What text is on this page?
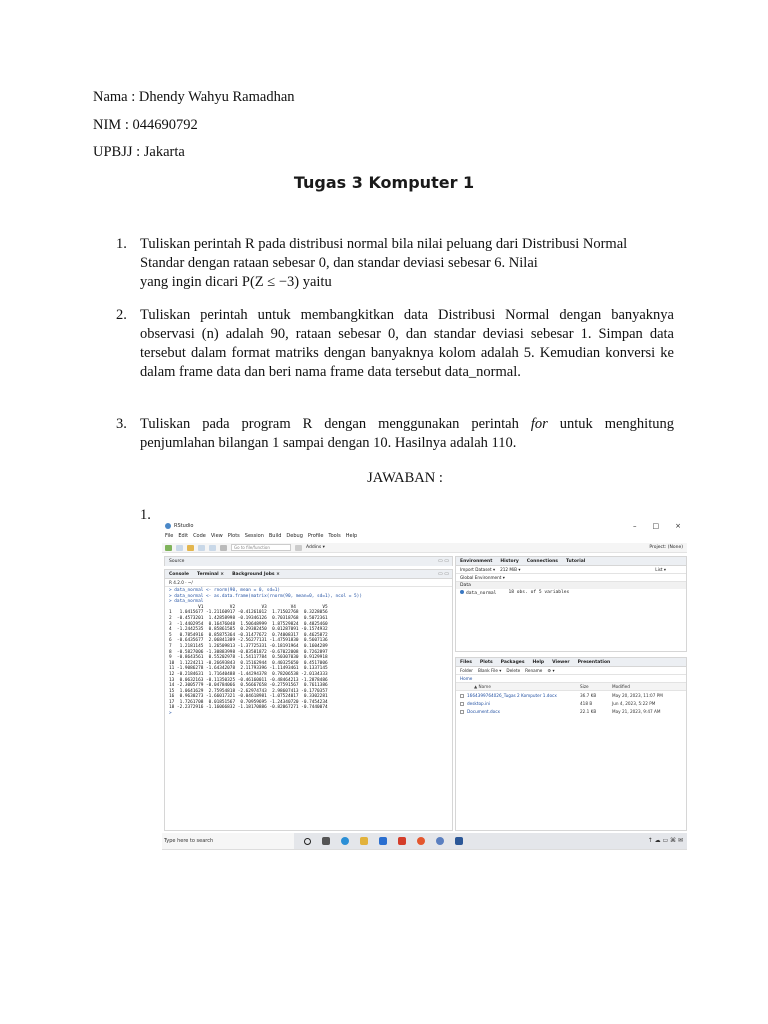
Nama : Dhendy Wahyu Ramadhan
NIM : 044690792
UPBJJ : Jakarta
Tugas 3 Komputer 1
1. Tuliskan perintah R pada distribusi normal bila nilai peluang dari Distribusi Normal
Standar dengan rataan sebesar 0, dan standar deviasi sebesar 6. Nilai
yang ingin dicari P(Z ≤ −3) yaitu
2. Tuliskan perintah untuk membangkitkan data Distribusi Normal dengan banyaknya observasi (n) adalah 90, rataan sebesar 0, dan standar deviasi sebesar 1. Simpan data tersebut dalam format matriks dengan banyaknya kolom adalah 5. Kemudian konversi ke dalam frame data dan beri nama frame data tersebut data_normal.
3. Tuliskan pada program R dengan menggunakan perintah for untuk menghitung penjumlahan bilangan 1 sampai dengan 10. Hasilnya adalah 110.
JAWABAN :
1.
RStudio	– □ ×
File Edit Code View Plots Session Build Debug Profile Tools Help
Go to file/function	Addins ▾	Project: (None)
Source	▭ ▭
Console Terminal × Background Jobs ×	▭ ▭
R 4.2.0 · ~/
> data_normal <- rnorm(90, mean = 0, sd=1)
> data_normal <- as.data.frame(matrix(rnorm(90, mean=0, sd=1), ncol = 5))
> data_normal
V1          V2          V3         V4          V5
1   1.0415677 -1.21160917 -0.41261012  1.71502768  0.3228056
2  -0.4573201  1.42858998 -0.19346126  0.70318768  0.5072361
3  -1.4402954  0.16476048  1.50648999  1.87529824  0.4825460
4  -1.2442535  0.85861585  0.29382450  0.01287091 -0.1574932
5   0.7854916  0.85875364 -0.31477672  0.74008317  0.4625872
6  -0.6435677  2.06841389 -2.56277131 -1.47591830  0.5607136
7   1.2181145  1.26509813 -1.37725331 -0.18191964  0.1604289
8  -0.5827006 -1.30883998 -0.83581872 -0.67022008  0.7262897
9  -0.8643561  0.55202978 -1.54117784  0.50307030  0.9129918
10  1.1224211 -0.26693843  0.15162944  0.40325650  0.4517006
11 -1.9086278 -1.64342078  2.11793396 -1.11493461  0.1337145
12 -0.2184631  1.71640488 -1.44294378  0.78206538 -2.0134333
13  0.0632163 -0.11350325 -0.46160011 -0.48464213 -1.2878486
14 -2.3005779 -0.04784066  0.56667658 -0.27591567  0.7611386
15  1.0641629  2.75954818 -2.62974743  2.98607413 -0.1770357
16  0.9630273 -1.66017321 -0.04618981 -1.07524017  0.3302281
17  1.7261708  0.01851567  0.70959695 -1.24340720 -0.7454234
18 -2.2372916 -1.16066832 -1.18170886 -0.82067271 -0.7440074
>
Environment History Connections Tutorial
Import Dataset ▾ 212 MiB ▾	List ▾
Global Environment ▾
Data
data_normal	18 obs. of 5 variables
Files Plots Packages Help Viewer Presentation
Folder Blank File ▾ Delete Rename ⚙ ▾
Home
▲ Name	Size	Modified
1664399764026_Tugas 2 Komputer 1.docx	36.7 KB	May 20, 2023, 11:07 PM
desktop.ini	418 B	Jun 4, 2023, 5:22 PM
Document.docx	22.1 KB	May 21, 2023, 9:47 AM
Type here to search	↑ ☁ ▭ ⌘ ✉
